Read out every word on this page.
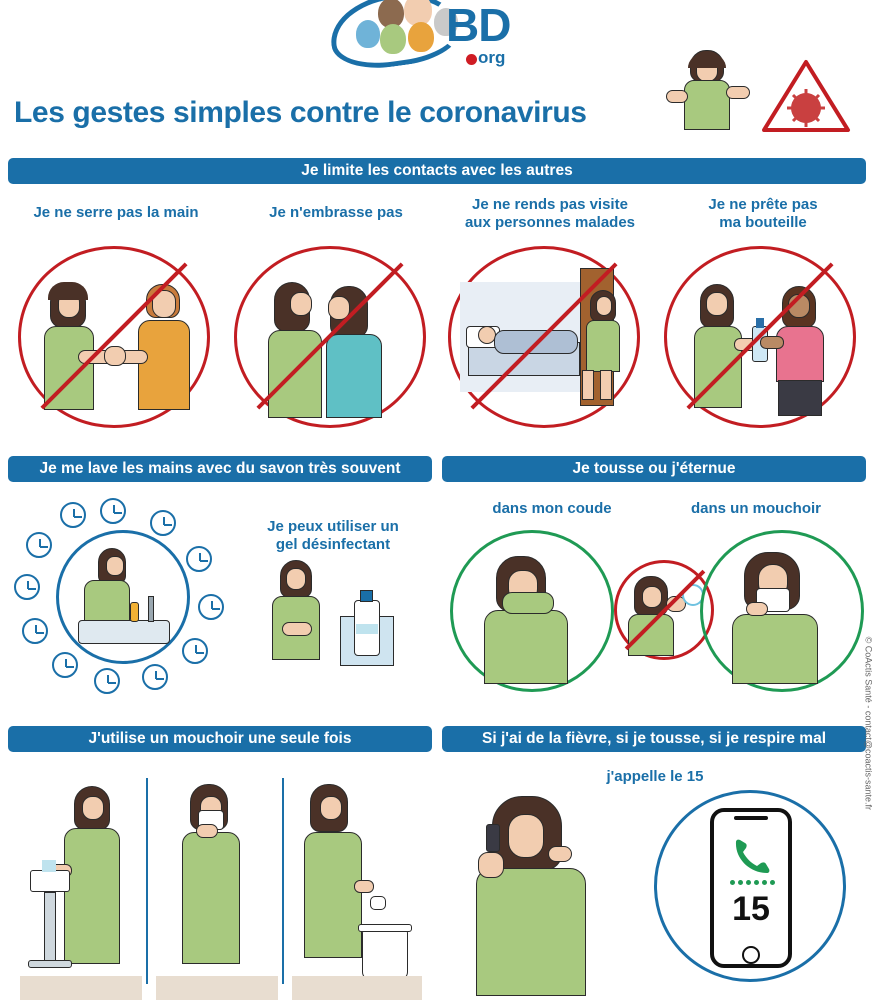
BD
org
Les gestes simples contre le coronavirus
Je limite les contacts avec les autres
Je ne serre pas la main	Je n'embrasse pas	Je ne rends pas visite
aux personnes malades
Je ne prête pas
ma bouteille
Je me lave les mains avec du savon très souvent	Je tousse ou j'éternue
Je peux utiliser un
gel désinfectant
dans mon coude	dans un mouchoir
J'utilise un mouchoir une seule fois	Si j'ai de la fièvre, si je tousse, si je respire mal
j'appelle le 15
15
© CoActis Santé - contact@coactis-sante.fr
